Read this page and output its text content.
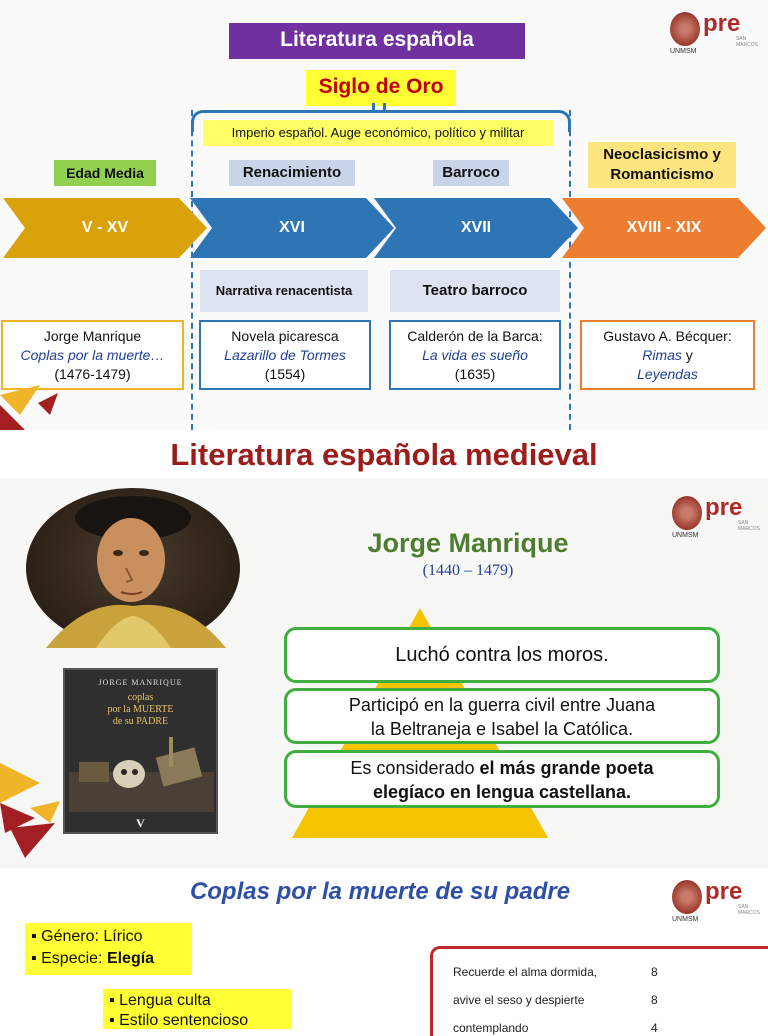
Literatura española
Siglo de Oro
Imperio español. Auge económico, político y militar
Edad Media	Renacimiento	Barroco
Neoclasicismo y
Romanticismo
V - XV	XVI	XVII	XVIII - XIX
Narrativa renacentista	Teatro barroco
Jorge Manrique
Coplas por la muerte…
(1476-1479)
Novela picaresca
Lazarillo de Tormes
(1554)
Calderón de la Barca:
La vida es sueño
(1635)
Gustavo A. Bécquer:
Rimas y
Leyendas
pre
SAN MARCOS
UNMSM
Literatura española medieval
JORGE MANRIQUE
coplas
por la MUERTE
de su PADRE
V
Jorge Manrique
(1440 – 1479)
Luchó contra los moros.
Participó en la guerra civil entre Juana
la Beltraneja e Isabel la Católica.
Es considerado el más grande poeta
elegíaco en lengua castellana.
pre
SAN MARCOS
UNMSM
Coplas por la muerte de su padre
▪ Género: Lírico
▪ Especie: Elegía
▪ Lengua culta
▪ Estilo sentencioso
Recuerde el alma dormida,	8
avive el seso y despierte	8
contemplando	4
pre
SAN MARCOS
UNMSM
